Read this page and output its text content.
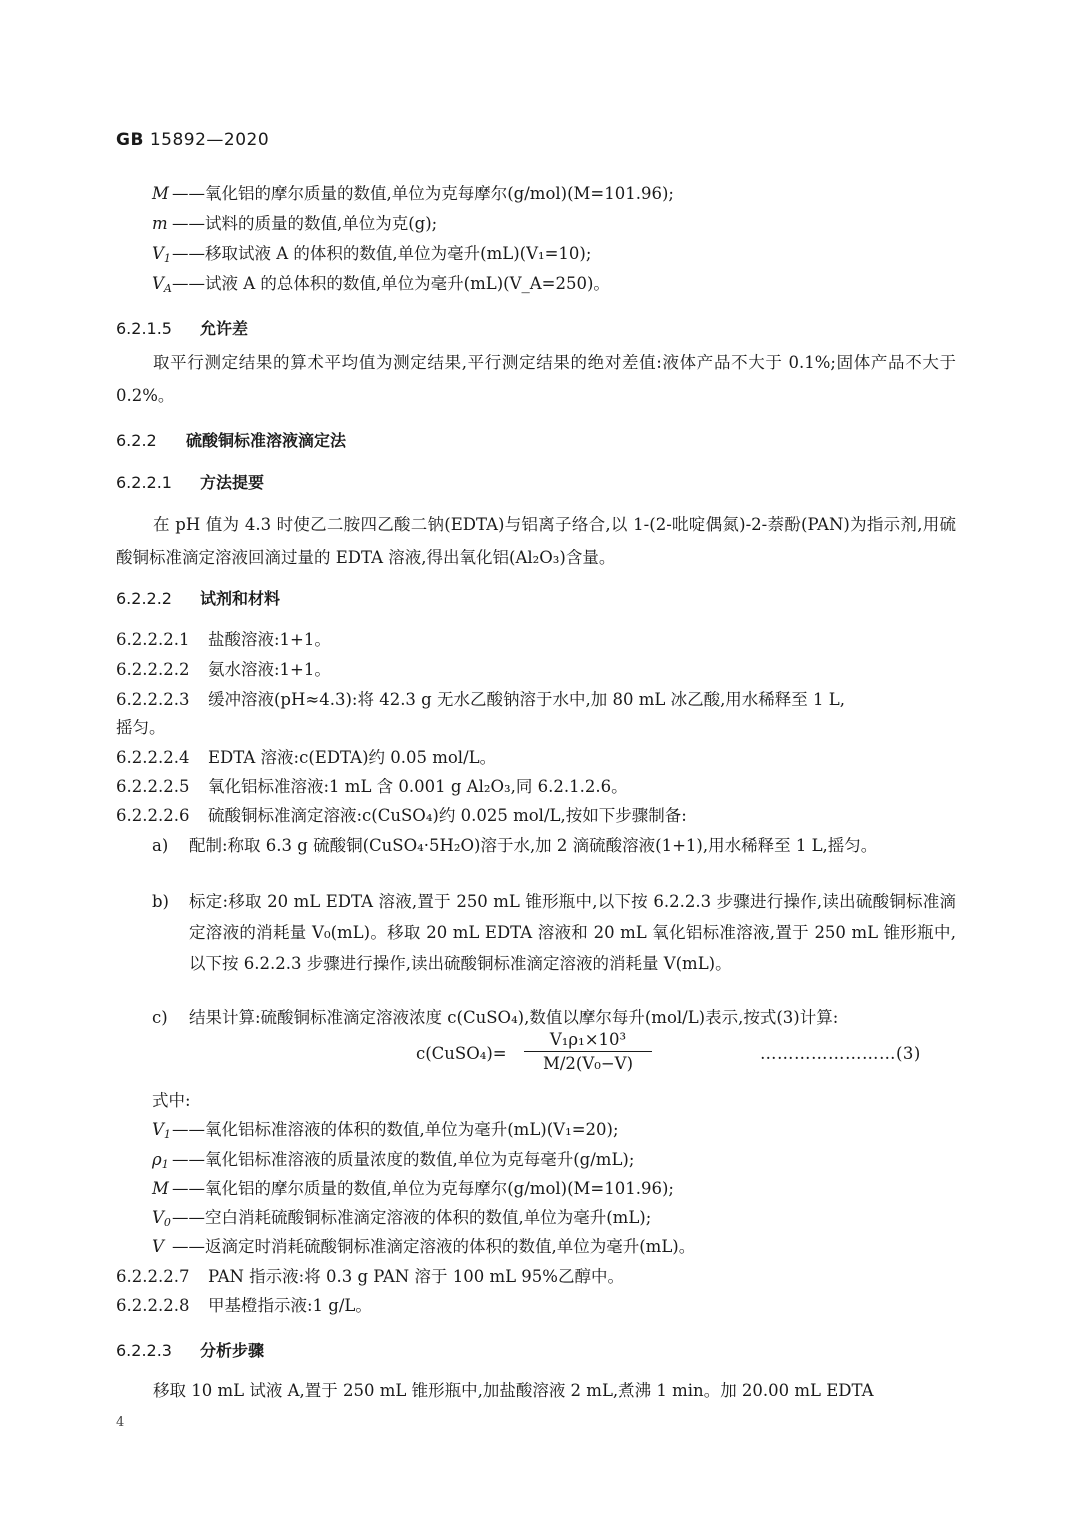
GB 15892—2020
M ——氧化铝的摩尔质量的数值,单位为克每摩尔(g/mol)(M=101.96);
m ——试料的质量的数值,单位为克(g);
$V_1——$移取试液 A 的体积的数值,单位为毫升(mL)(V₁=10);
$V_A——$试液 A 的总体积的数值,单位为毫升(mL)(V_A=250)。
6.2.1.5 允许差
取平行测定结果的算术平均值为测定结果,平行测定结果的绝对差值:液体产品不大于 0.1%;固体产品不大于 0.2%。
6.2.2 硫酸铜标准溶液滴定法
6.2.2.1 方法提要
在 pH 值为 4.3 时使乙二胺四乙酸二钠(EDTA)与铝离子络合,以 1-(2-吡啶偶氮)-2-萘酚(PAN)为指示剂,用硫酸铜标准滴定溶液回滴过量的 EDTA 溶液,得出氧化铝(Al₂O₃)含量。
6.2.2.2 试剂和材料
6.2.2.2.1 盐酸溶液:1+1。
6.2.2.2.2 氨水溶液:1+1。
6.2.2.2.3 缓冲溶液(pH≈4.3):将 42.3 g 无水乙酸钠溶于水中,加 80 mL 冰乙酸,用水稀释至 1 L,
摇匀。
6.2.2.2.4 EDTA 溶液:c(EDTA)约 0.05 mol/L。
6.2.2.2.5 氧化铝标准溶液:1 mL 含 0.001 g Al₂O₃,同 6.2.1.2.6。
6.2.2.2.6 硫酸铜标准滴定溶液:c(CuSO₄)约 0.025 mol/L,按如下步骤制备:
a) 配制:称取 6.3 g 硫酸铜(CuSO₄·5H₂O)溶于水,加 2 滴硫酸溶液(1+1),用水稀释至 1 L,摇匀。
b) 标定:移取 20 mL EDTA 溶液,置于 250 mL 锥形瓶中,以下按 6.2.2.3 步骤进行操作,读出硫酸铜标准滴定溶液的消耗量 V₀(mL)。移取 20 mL EDTA 溶液和 20 mL 氧化铝标准溶液,置于 250 mL 锥形瓶中,以下按 6.2.2.3 步骤进行操作,读出硫酸铜标准滴定溶液的消耗量 V(mL)。
c) 结果计算:硫酸铜标准滴定溶液浓度 c(CuSO₄),数值以摩尔每升(mol/L)表示,按式(3)计算:
c(CuSO₄)= $\frac{\text{V₁ρ₁×10³}}{\text{M/2(V₀−V)}}$	……………………(3)
式中:
$V_1——$氧化铝标准溶液的体积的数值,单位为毫升(mL)(V₁=20);
$\rho_1$ ——氧化铝标准溶液的质量浓度的数值,单位为克每毫升(g/mL);
M ——氧化铝的摩尔质量的数值,单位为克每摩尔(g/mol)(M=101.96);
$V_0——$空白消耗硫酸铜标准滴定溶液的体积的数值,单位为毫升(mL);
V ——返滴定时消耗硫酸铜标准滴定溶液的体积的数值,单位为毫升(mL)。
6.2.2.2.7 PAN 指示液:将 0.3 g PAN 溶于 100 mL 95%乙醇中。
6.2.2.2.8 甲基橙指示液:1 g/L。
6.2.2.3 分析步骤
移取 10 mL 试液 A,置于 250 mL 锥形瓶中,加盐酸溶液 2 mL,煮沸 1 min。加 20.00 mL EDTA
4
